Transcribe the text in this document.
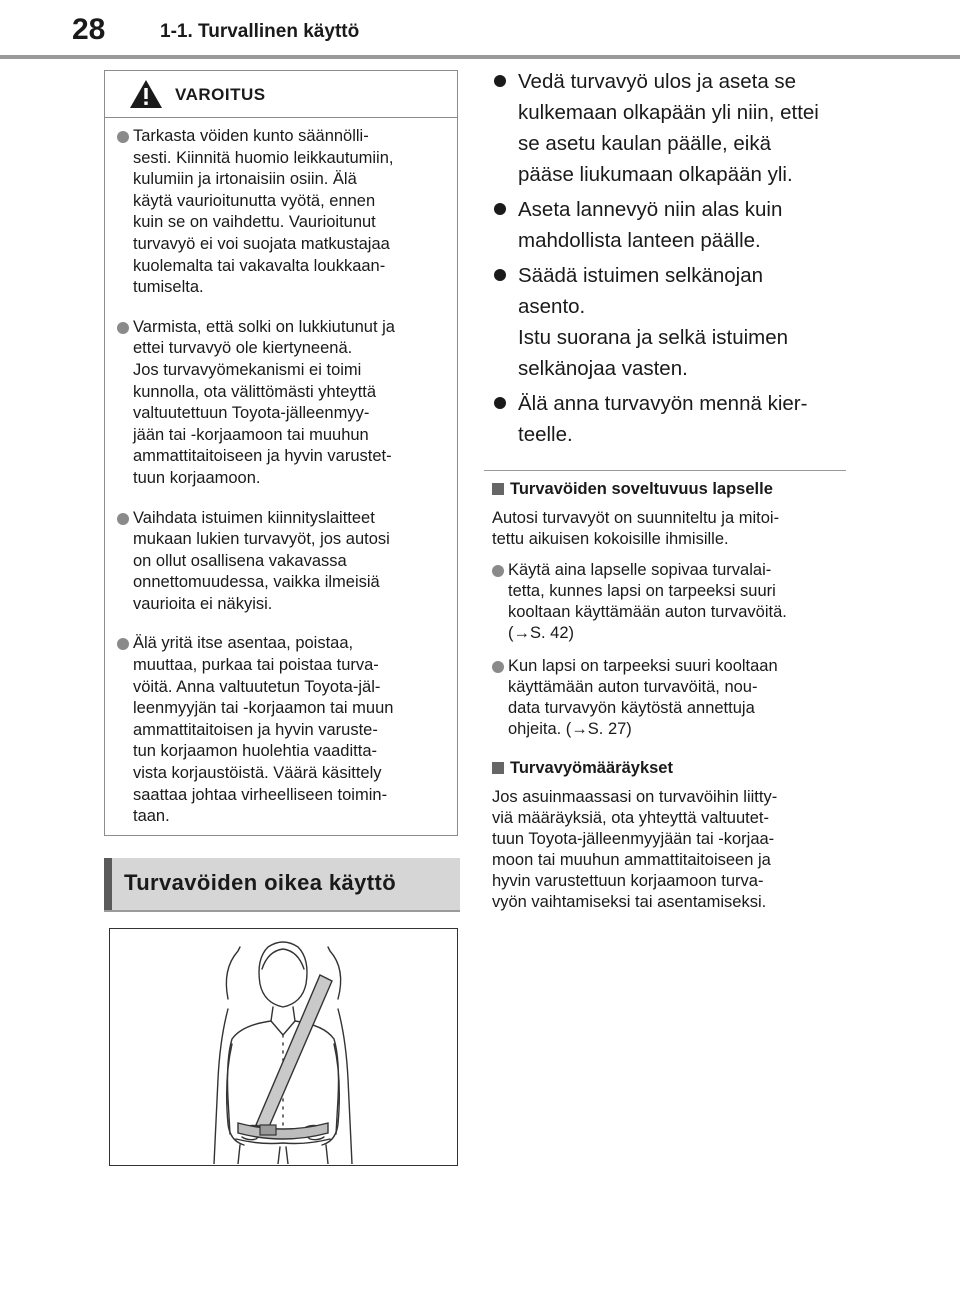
28	1-1. Turvallinen käyttö
VAROITUS
Tarkasta vöiden kunto säännölli-
sesti. Kiinnitä huomio leikkautumiin,
kulumiin ja irtonaisiin osiin. Älä
käytä vaurioitunutta vyötä, ennen
kuin se on vaihdettu. Vaurioitunut
turvavyö ei voi suojata matkustajaa
kuolemalta tai vakavalta loukkaan-
tumiselta.
Varmista, että solki on lukkiutunut ja
ettei turvavyö ole kiertyneenä.
Jos turvavyömekanismi ei toimi
kunnolla, ota välittömästi yhteyttä
valtuutettuun Toyota-jälleenmyy-
jään tai -korjaamoon tai muuhun
ammattitaitoiseen ja hyvin varustet-
tuun korjaamoon.
Vaihdata istuimen kiinnityslaitteet
mukaan lukien turvavyöt, jos autosi
on ollut osallisena vakavassa
onnettomuudessa, vaikka ilmeisiä
vaurioita ei näkyisi.
Älä yritä itse asentaa, poistaa,
muuttaa, purkaa tai poistaa turva-
vöitä. Anna valtuutetun Toyota-jäl-
leenmyyjän tai -korjaamon tai muun
ammattitaitoisen ja hyvin varuste-
tun korjaamon huolehtia vaaditta-
vista korjaustöistä. Väärä käsittely
saattaa johtaa virheelliseen toimin-
taan.
Turvavöiden oikea käyttö
Vedä turvavyö ulos ja aseta se
kulkemaan olkapään yli niin, ettei
se asetu kaulan päälle, eikä
pääse liukumaan olkapään yli.
Aseta lannevyö niin alas kuin
mahdollista lanteen päälle.
Säädä istuimen selkänojan
asento.
Istu suorana ja selkä istuimen
selkänojaa vasten.
Älä anna turvavyön mennä kier-
teelle.
Turvavöiden soveltuvuus lapselle
Autosi turvavyöt on suunniteltu ja mitoi-
tettu aikuisen kokoisille ihmisille.
Käytä aina lapselle sopivaa turvalai-
tetta, kunnes lapsi on tarpeeksi suuri
kooltaan käyttämään auton turvavöitä.
(→S. 42)
Kun lapsi on tarpeeksi suuri kooltaan
käyttämään auton turvavöitä, nou-
data turvavyön käytöstä annettuja
ohjeita. (→S. 27)
Turvavyömääräykset
Jos asuinmaassasi on turvavöihin liitty-
viä määräyksiä, ota yhteyttä valtuutet-
tuun Toyota-jälleenmyyjään tai -korjaa-
moon tai muuhun ammattitaitoiseen ja
hyvin varustettuun korjaamoon turva-
vyön vaihtamiseksi tai asentamiseksi.
